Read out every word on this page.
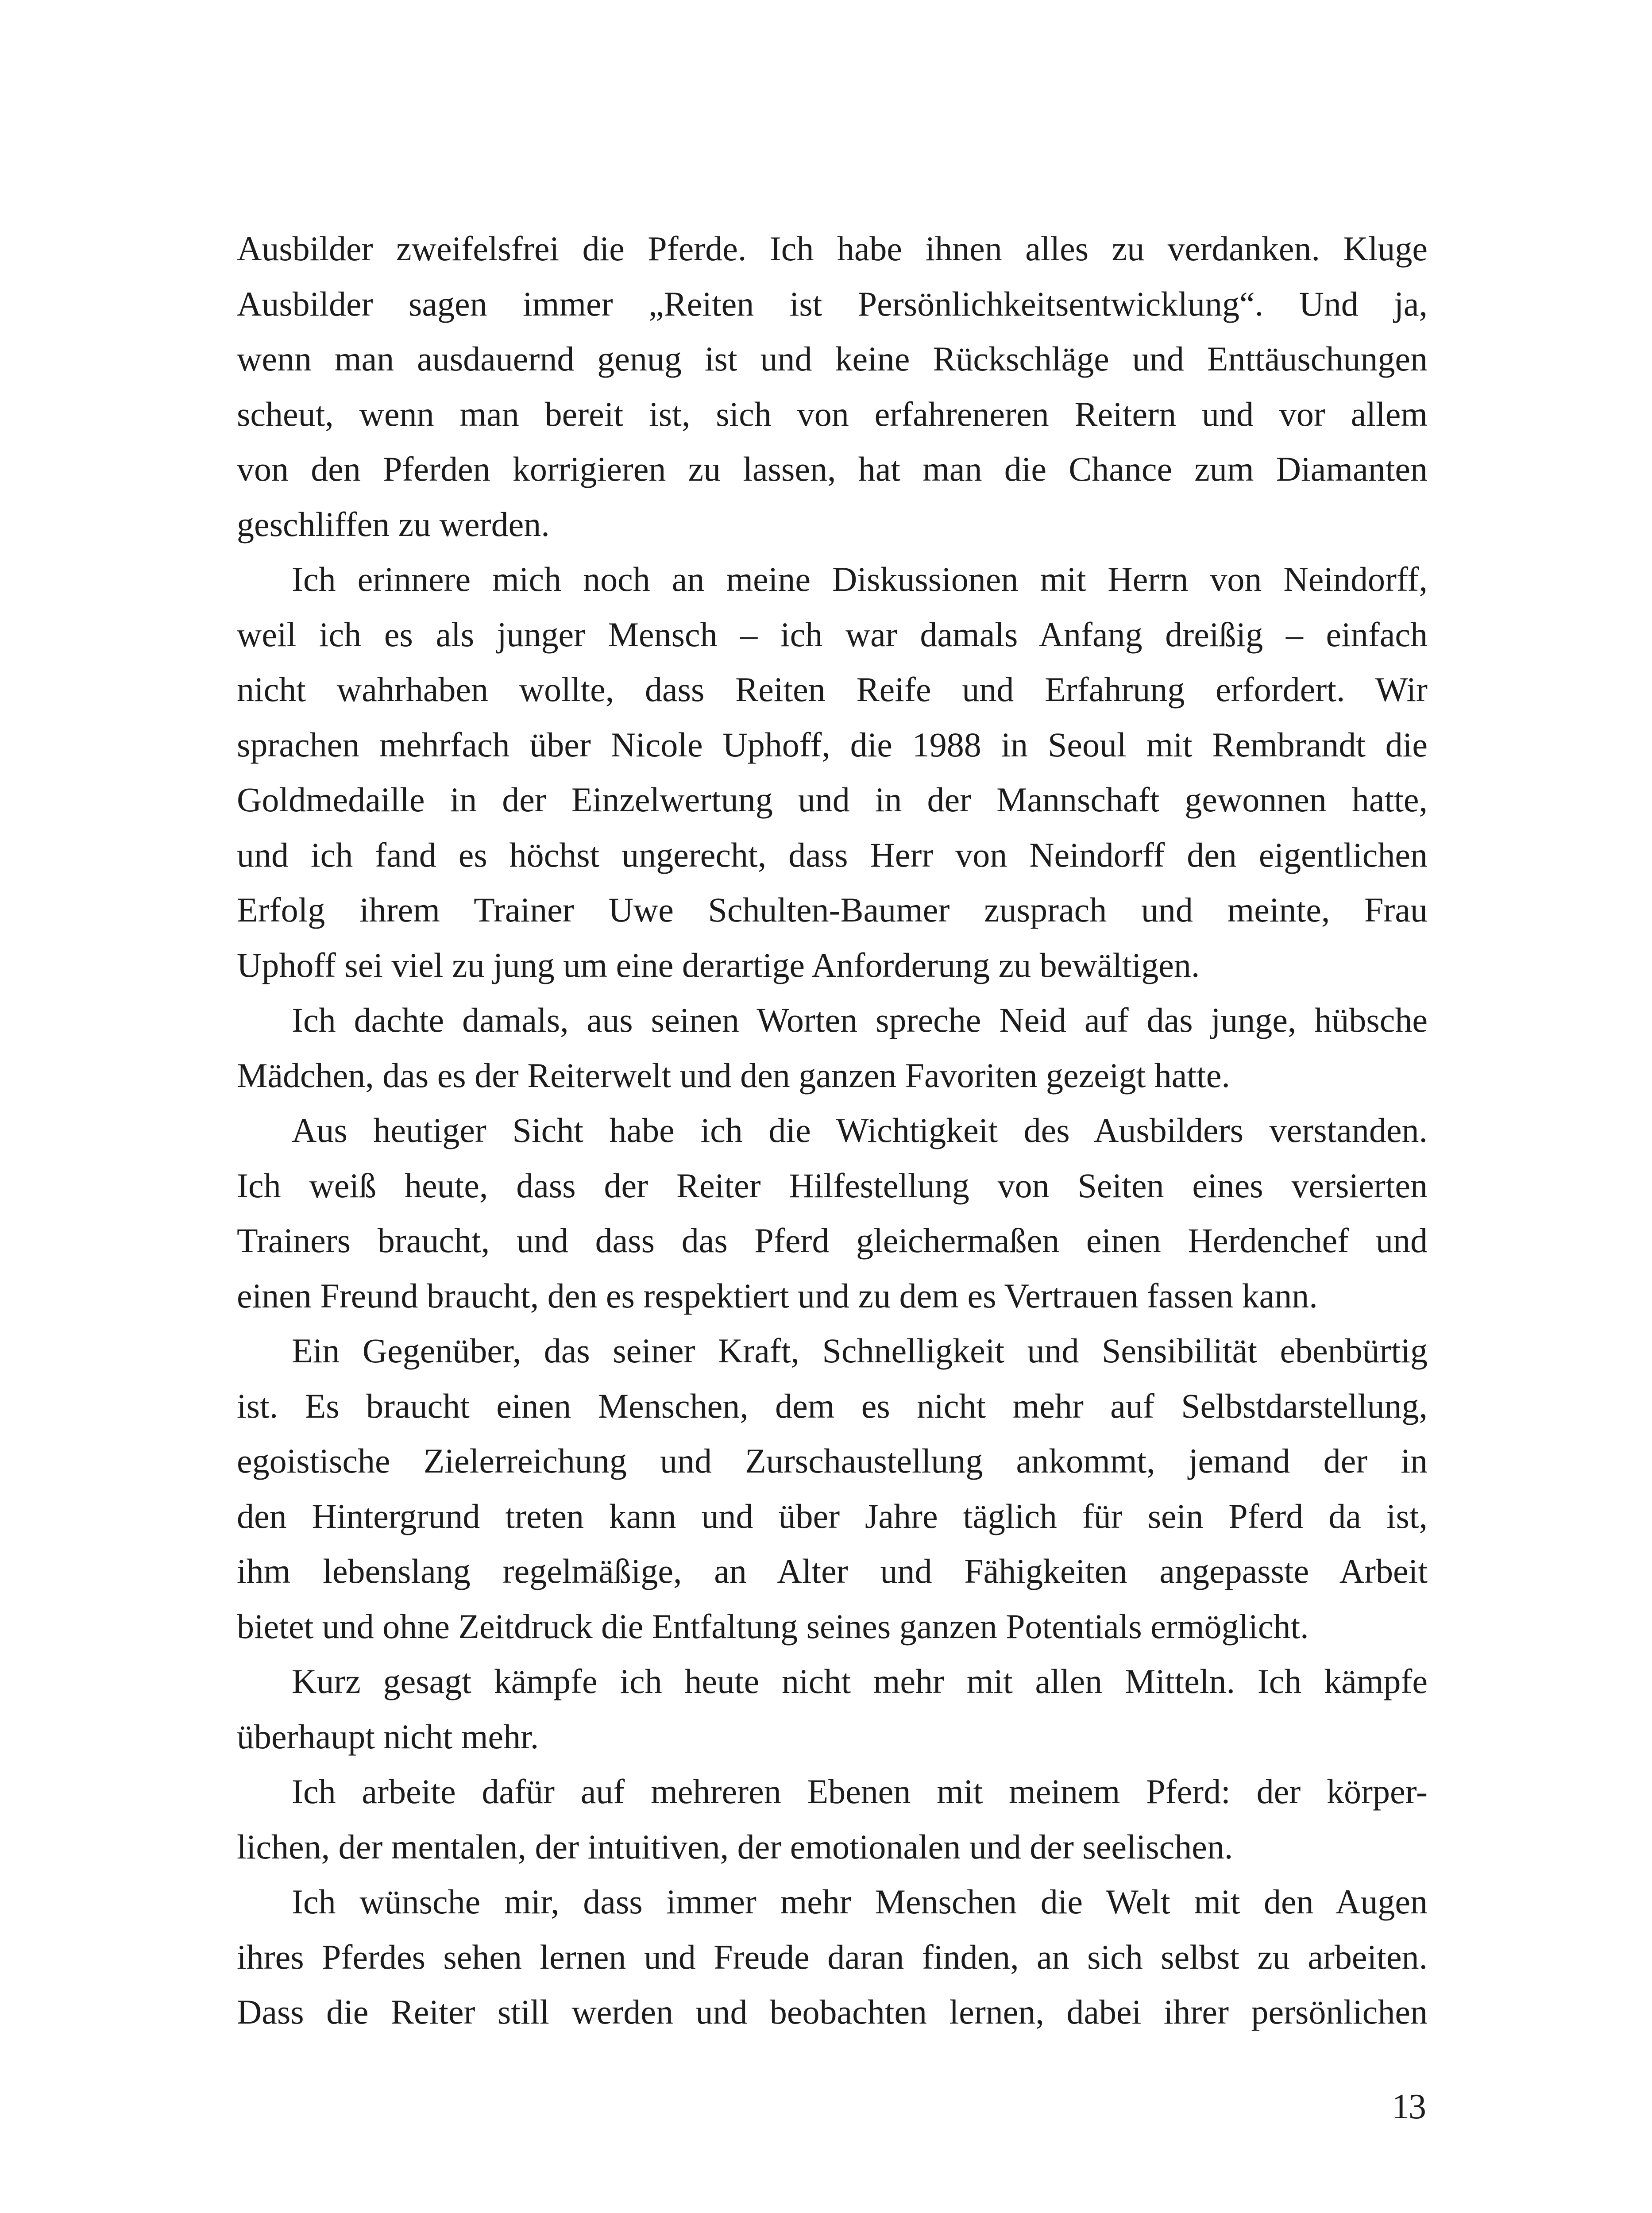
Ausbilder zweifelsfrei die Pferde. Ich habe ihnen alles zu verdanken. Kluge
Ausbilder sagen immer „Reiten ist Persönlichkeitsentwicklung“. Und ja,
wenn man ausdauernd genug ist und keine Rückschläge und Enttäuschungen
scheut, wenn man bereit ist, sich von erfahreneren Reitern und vor allem
von den Pferden korrigieren zu lassen, hat man die Chance zum Diamanten
geschliffen zu werden.

Ich erinnere mich noch an meine Diskussionen mit Herrn von Neindorff,
weil ich es als junger Mensch – ich war damals Anfang dreißig – einfach
nicht wahrhaben wollte, dass Reiten Reife und Erfahrung erfordert. Wir
sprachen mehrfach über Nicole Uphoff, die 1988 in Seoul mit Rembrandt die
Goldmedaille in der Einzelwertung und in der Mannschaft gewonnen hatte,
und ich fand es höchst ungerecht, dass Herr von Neindorff den eigentlichen
Erfolg ihrem Trainer Uwe Schulten-Baumer zusprach und meinte, Frau
Uphoff sei viel zu jung um eine derartige Anforderung zu bewältigen.

Ich dachte damals, aus seinen Worten spreche Neid auf das junge, hübsche
Mädchen, das es der Reiterwelt und den ganzen Favoriten gezeigt hatte.

Aus heutiger Sicht habe ich die Wichtigkeit des Ausbilders verstanden.
Ich weiß heute, dass der Reiter Hilfestellung von Seiten eines versierten
Trainers braucht, und dass das Pferd gleichermaßen einen Herdenchef und
einen Freund braucht, den es respektiert und zu dem es Vertrauen fassen kann.

Ein Gegenüber, das seiner Kraft, Schnelligkeit und Sensibilität ebenbürtig
ist. Es braucht einen Menschen, dem es nicht mehr auf Selbstdarstellung,
egoistische Zielerreichung und Zurschaustellung ankommt, jemand der in
den Hintergrund treten kann und über Jahre täglich für sein Pferd da ist,
ihm lebenslang regelmäßige, an Alter und Fähigkeiten angepasste Arbeit
bietet und ohne Zeitdruck die Entfaltung seines ganzen Potentials ermöglicht.

Kurz gesagt kämpfe ich heute nicht mehr mit allen Mitteln. Ich kämpfe
überhaupt nicht mehr.

Ich arbeite dafür auf mehreren Ebenen mit meinem Pferd: der körper-
lichen, der mentalen, der intuitiven, der emotionalen und der seelischen.

Ich wünsche mir, dass immer mehr Menschen die Welt mit den Augen
ihres Pferdes sehen lernen und Freude daran finden, an sich selbst zu arbeiten.
Dass die Reiter still werden und beobachten lernen, dabei ihrer persönlichen

13
